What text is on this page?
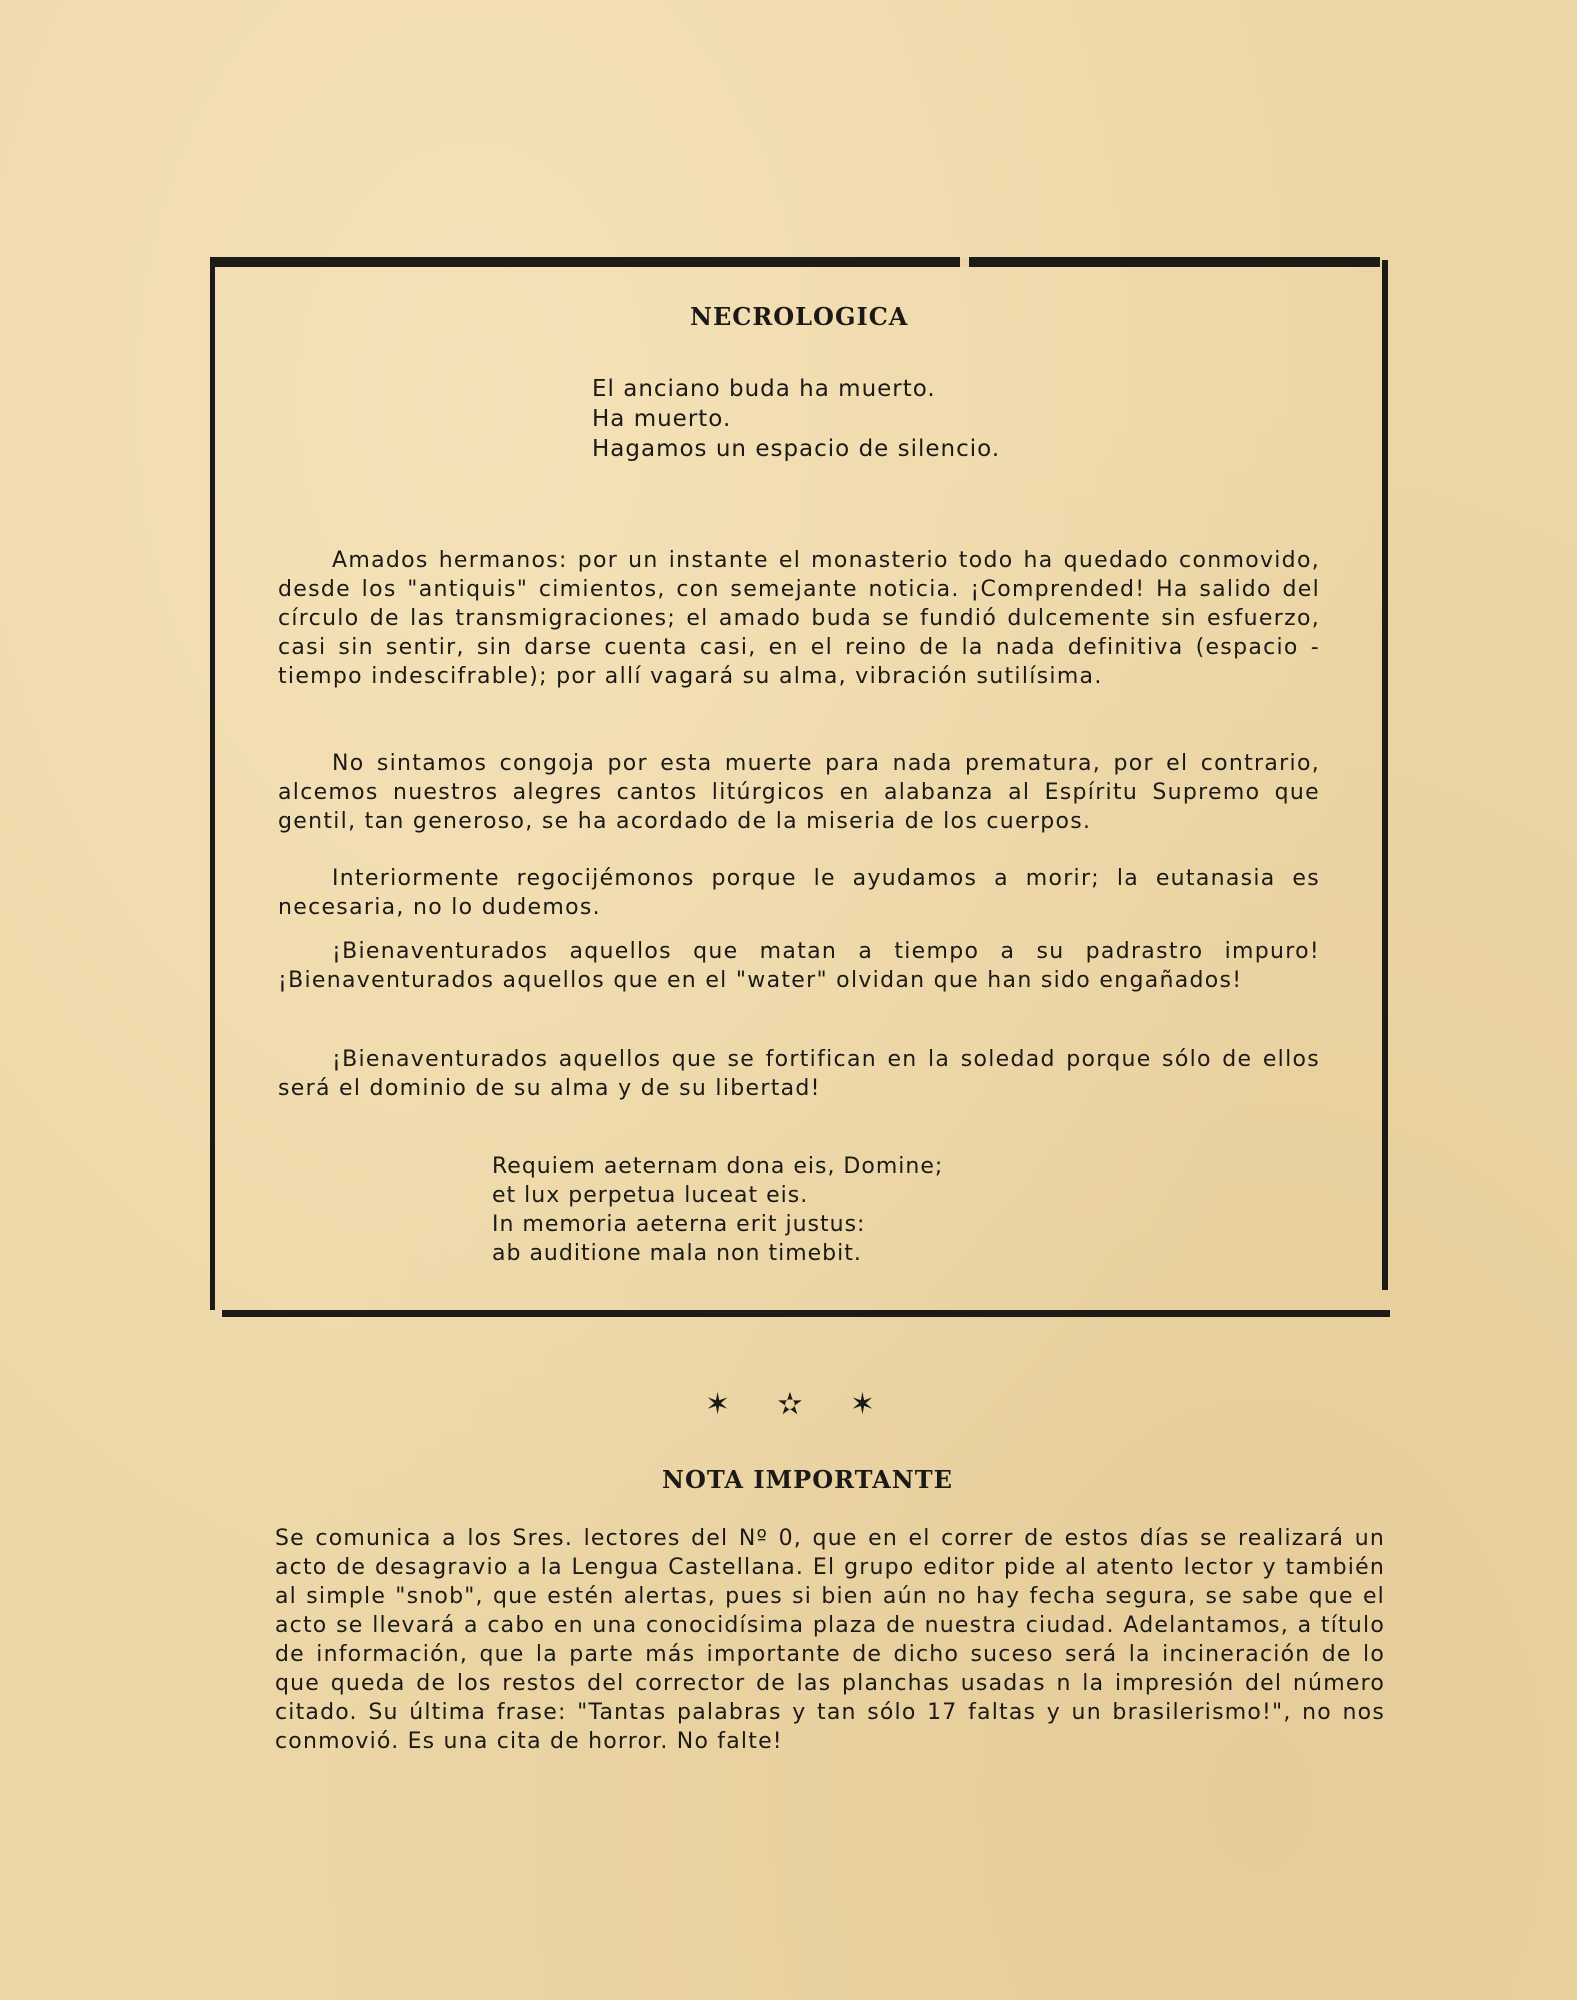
NECROLOGICA
El anciano buda ha muerto.
Ha muerto.
Hagamos un espacio de silencio.
Amados hermanos: por un instante el monasterio todo ha quedado conmovido, desde los "antiquis" cimientos, con semejante noticia. ¡Comprended! Ha salido del círculo de las transmigraciones; el amado buda se fundió dulcemente sin esfuerzo, casi sin sentir, sin darse cuenta casi, en el reino de la nada definitiva (espacio - tiempo indescifrable); por allí vagará su alma, vibración sutilísima.
No sintamos congoja por esta muerte para nada prematura, por el contrario, alcemos nuestros alegres cantos litúrgicos en alabanza al Espíritu Supremo que gentil, tan generoso, se ha acordado de la miseria de los cuerpos.
Interiormente regocijémonos porque le ayudamos a morir; la eutanasia es necesaria, no lo dudemos.
¡Bienaventurados aquellos que matan a tiempo a su padrastro impuro! ¡Bienaventurados aquellos que en el "water" olvidan que han sido engañados!
¡Bienaventurados aquellos que se fortifican en la soledad porque sólo de ellos será el dominio de su alma y de su libertad!
Requiem aeternam dona eis, Domine;
et lux perpetua luceat eis.
In memoria aeterna erit justus:
ab auditione mala non timebit.
✶ ✫ ✶
NOTA IMPORTANTE
Se comunica a los Sres. lectores del Nº 0, que en el correr de estos días se realizará un acto de desagravio a la Lengua Castellana. El grupo editor pide al atento lector y también al simple "snob", que estén alertas, pues si bien aún no hay fecha segura, se sabe que el acto se llevará a cabo en una conocidísima plaza de nuestra ciudad. Adelantamos, a título de información, que la parte más importante de dicho suceso será la incineración de lo que queda de los restos del corrector de las planchas usadas n la impresión del número citado. Su última frase: "Tantas palabras y tan sólo 17 faltas y un brasilerismo!", no nos conmovió. Es una cita de horror. No falte!
